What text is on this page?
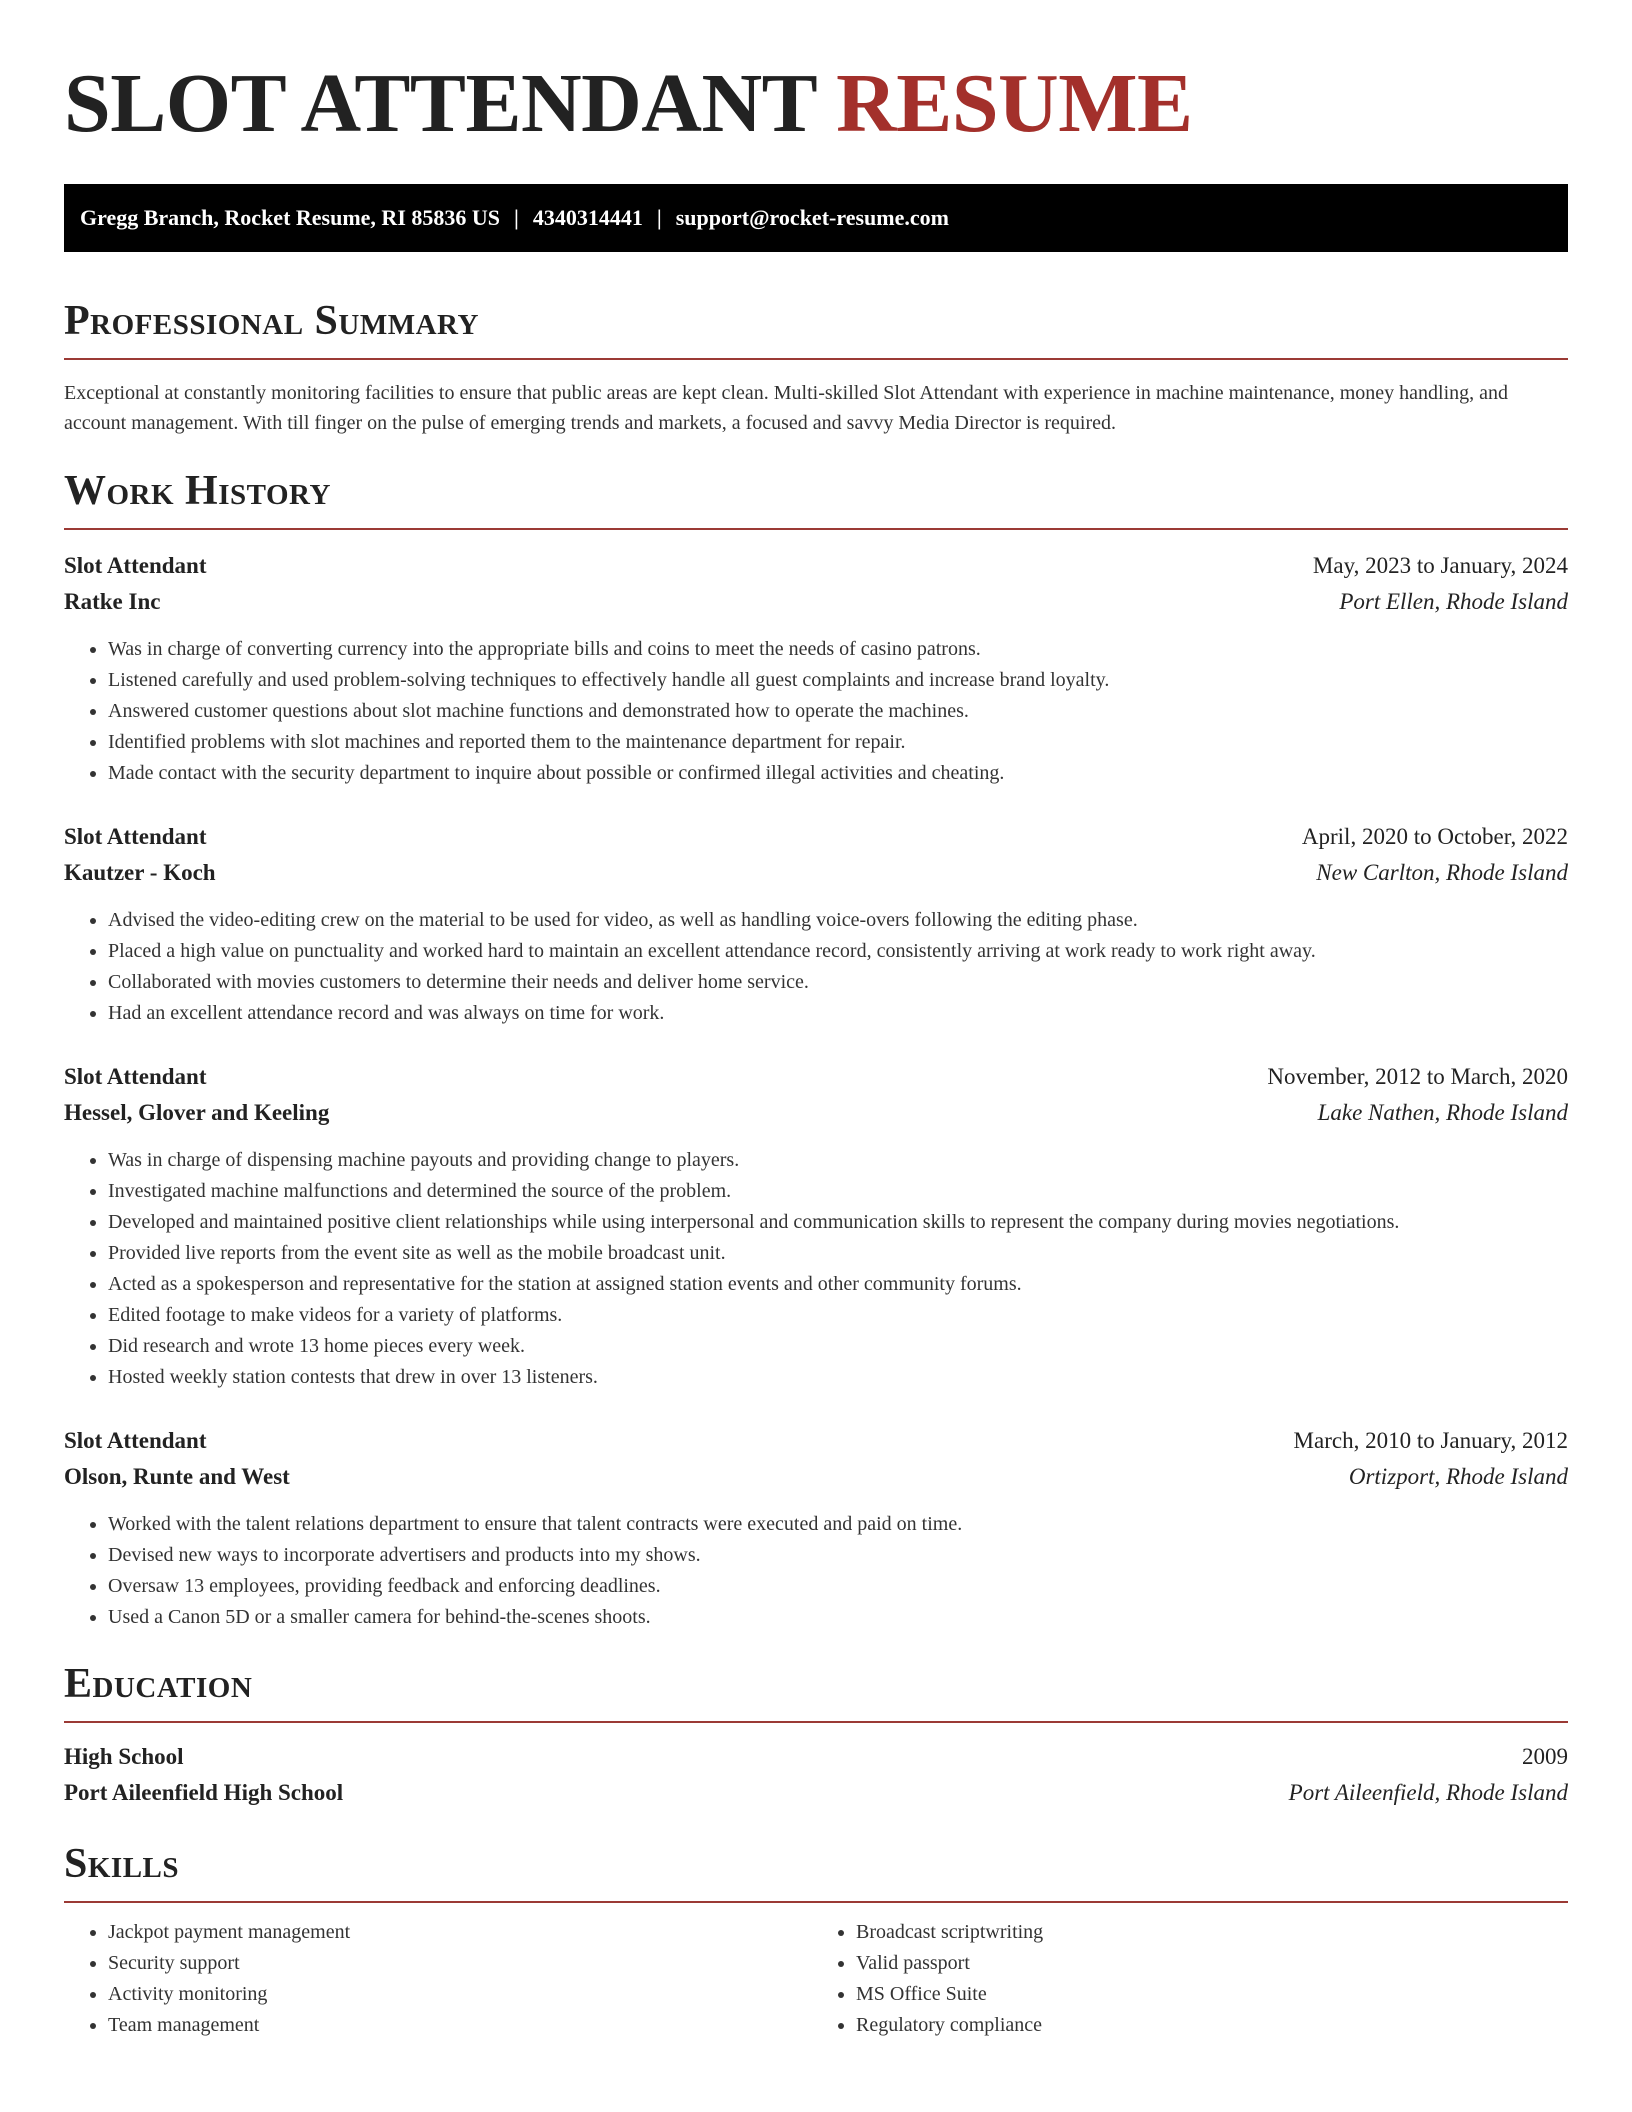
SLOT ATTENDANT RESUME
Gregg Branch, Rocket Resume, RI 85836 US | 4340314441 | support@rocket-resume.com
Professional Summary

Exceptional at constantly monitoring facilities to ensure that public areas are kept clean. Multi-skilled Slot Attendant with experience in machine maintenance, money handling, and account management. With till finger on the pulse of emerging trends and markets, a focused and savvy Media Director is required.

Work History
Slot Attendant	May, 2023 to January, 2024
Ratke Inc	Port Ellen, Rhode Island
• Was in charge of converting currency into the appropriate bills and coins to meet the needs of casino patrons.
• Listened carefully and used problem-solving techniques to effectively handle all guest complaints and increase brand loyalty.
• Answered customer questions about slot machine functions and demonstrated how to operate the machines.
• Identified problems with slot machines and reported them to the maintenance department for repair.
• Made contact with the security department to inquire about possible or confirmed illegal activities and cheating.
Slot Attendant	April, 2020 to October, 2022
Kautzer - Koch	New Carlton, Rhode Island
• Advised the video-editing crew on the material to be used for video, as well as handling voice-overs following the editing phase.
• Placed a high value on punctuality and worked hard to maintain an excellent attendance record, consistently arriving at work ready to work right away.
• Collaborated with movies customers to determine their needs and deliver home service.
• Had an excellent attendance record and was always on time for work.
Slot Attendant	November, 2012 to March, 2020
Hessel, Glover and Keeling	Lake Nathen, Rhode Island
• Was in charge of dispensing machine payouts and providing change to players.
• Investigated machine malfunctions and determined the source of the problem.
• Developed and maintained positive client relationships while using interpersonal and communication skills to represent the company during movies negotiations.
• Provided live reports from the event site as well as the mobile broadcast unit.
• Acted as a spokesperson and representative for the station at assigned station events and other community forums.
• Edited footage to make videos for a variety of platforms.
• Did research and wrote 13 home pieces every week.
• Hosted weekly station contests that drew in over 13 listeners.
Slot Attendant	March, 2010 to January, 2012
Olson, Runte and West	Ortizport, Rhode Island
• Worked with the talent relations department to ensure that talent contracts were executed and paid on time.
• Devised new ways to incorporate advertisers and products into my shows.
• Oversaw 13 employees, providing feedback and enforcing deadlines.
• Used a Canon 5D or a smaller camera for behind-the-scenes shoots.
Education
High School	2009
Port Aileenfield High School	Port Aileenfield, Rhode Island
Skills
• Jackpot payment management
• Security support
• Activity monitoring
• Team management
• Broadcast scriptwriting
• Valid passport
• MS Office Suite
• Regulatory compliance
